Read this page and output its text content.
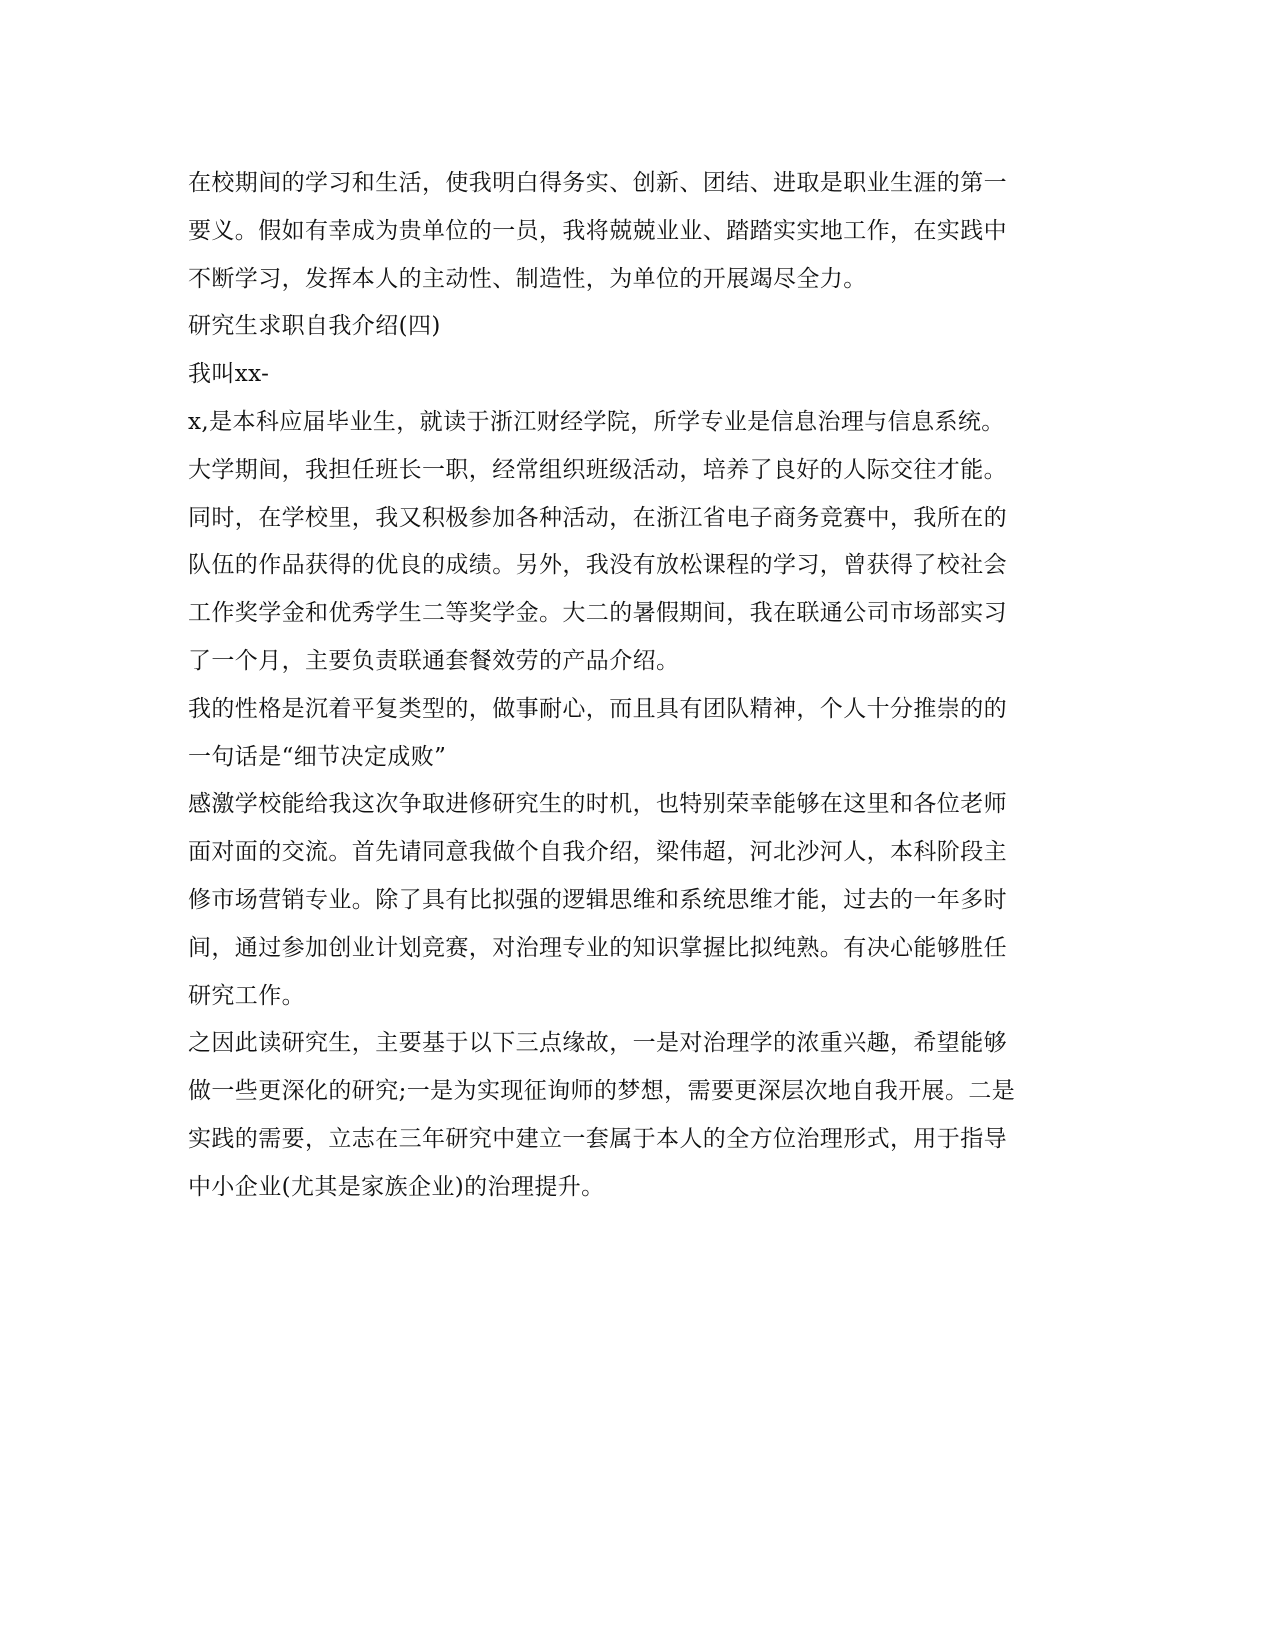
在校期间的学习和生活，使我明白得务实、创新、团结、进取是职业生涯的第一
要义。假如有幸成为贵单位的一员，我将兢兢业业、踏踏实实地工作，在实践中
不断学习，发挥本人的主动性、制造性，为单位的开展竭尽全力。
研究生求职自我介绍(四)
我叫xx-
x,是本科应届毕业生，就读于浙江财经学院，所学专业是信息治理与信息系统。
大学期间，我担任班长一职，经常组织班级活动，培养了良好的人际交往才能。
同时，在学校里，我又积极参加各种活动，在浙江省电子商务竞赛中，我所在的
队伍的作品获得的优良的成绩。另外，我没有放松课程的学习，曾获得了校社会
工作奖学金和优秀学生二等奖学金。大二的暑假期间，我在联通公司市场部实习
了一个月，主要负责联通套餐效劳的产品介绍。
我的性格是沉着平复类型的，做事耐心，而且具有团队精神，个人十分推崇的的
一句话是“细节决定成败”
感激学校能给我这次争取进修研究生的时机，也特别荣幸能够在这里和各位老师
面对面的交流。首先请同意我做个自我介绍，梁伟超，河北沙河人，本科阶段主
修市场营销专业。除了具有比拟强的逻辑思维和系统思维才能，过去的一年多时
间，通过参加创业计划竞赛，对治理专业的知识掌握比拟纯熟。有决心能够胜任
研究工作。
之因此读研究生，主要基于以下三点缘故，一是对治理学的浓重兴趣，希望能够
做一些更深化的研究;一是为实现征询师的梦想，需要更深层次地自我开展。二是
实践的需要，立志在三年研究中建立一套属于本人的全方位治理形式，用于指导
中小企业(尤其是家族企业)的治理提升。
